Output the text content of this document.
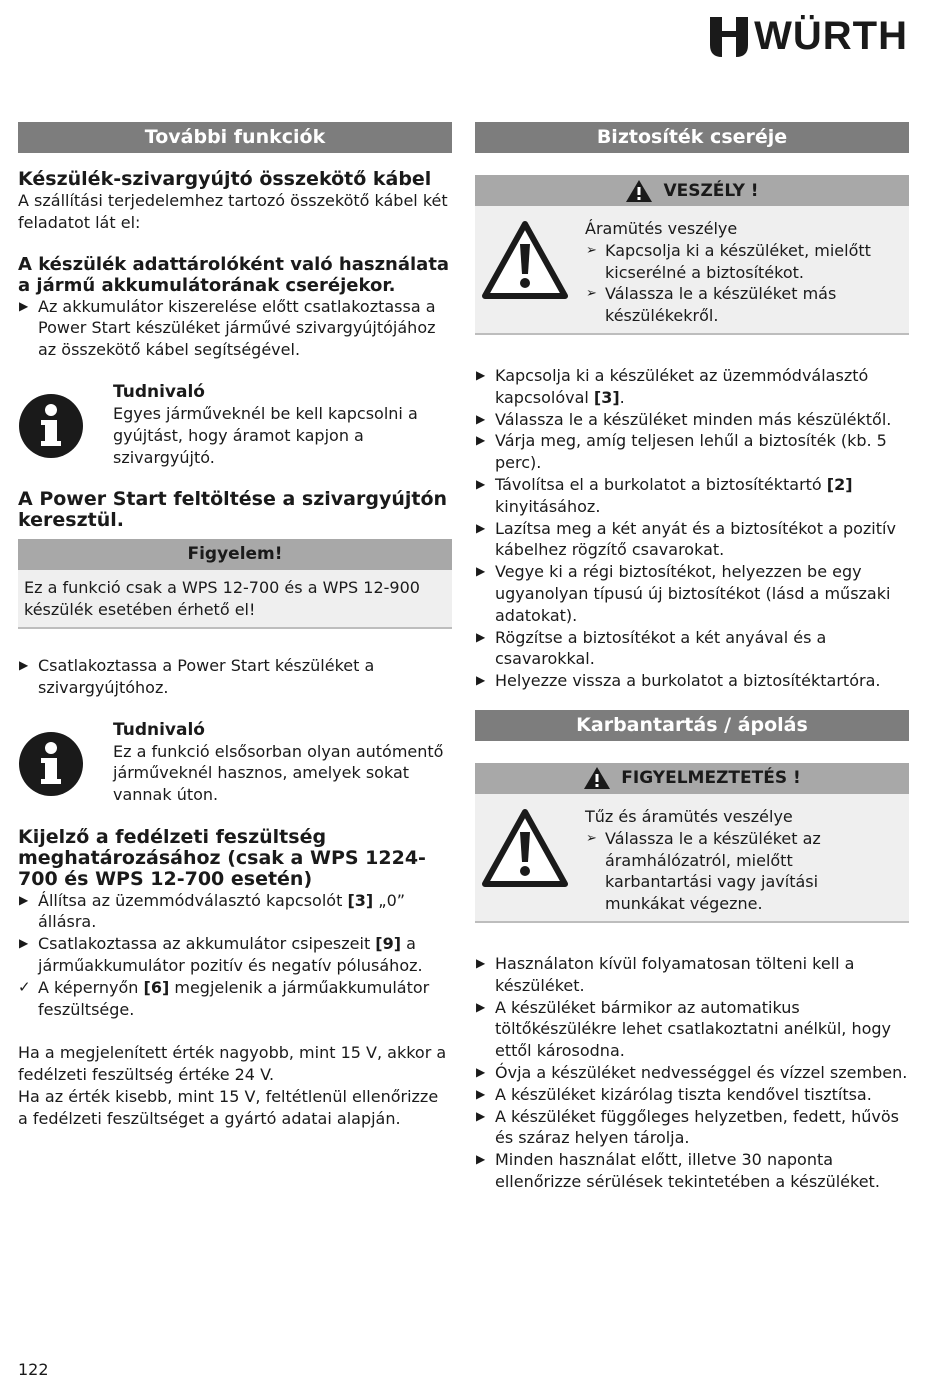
WÜRTH
További funkciók
Készülék-szivargyújtó összekötő kábel
A szállítási terjedelemhez tartozó összekötő kábel két feladatot lát el:
A készülék adattárolóként való használata a jármű akkumulátorának cseréjekor.
▶ Az akkumulátor kiszerelése előtt csatlakoztassa a Power Start készüléket járművé szivargyújtójához az összekötő kábel segítségével.
Tudnivaló
Egyes járműveknél be kell kapcsolni a gyújtást, hogy áramot kapjon a szivargyújtó.
A Power Start feltöltése a szivargyújtón keresztül.
Figyelem!
Ez a funkció csak a WPS 12-700 és a WPS 12-900 készülék esetében érhető el!
▶ Csatlakoztassa a Power Start készüléket a szivargyújtóhoz.
Tudnivaló
Ez a funkció elsősorban olyan autómentő járműveknél hasznos, amelyek sokat vannak úton.
Kijelző a fedélzeti feszültség meghatározásához (csak a WPS 1224-700 és WPS 12-700 esetén)
▶ Állítsa az üzemmódválasztó kapcsolót [3] „0” állásra.
▶ Csatlakoztassa az akkumulátor csipeszeit [9] a járműakkumulátor pozitív és negatív pólusához.
✓ A képernyőn [6] megjelenik a járműakkumulátor feszültsége.
Ha a megjelenített érték nagyobb, mint 15 V, akkor a fedélzeti feszültség értéke 24 V.
Ha az érték kisebb, mint 15 V, feltétlenül ellenőrizze a fedélzeti feszültséget a gyártó adatai alapján.
Biztosíték cseréje
VESZÉLY !
Áramütés veszélye
➢ Kapcsolja ki a készüléket, mielőtt kicserélné a biztosítékot.
➢ Válassza le a készüléket más készülékekről.
▶ Kapcsolja ki a készüléket az üzemmódválasztó kapcsolóval [3].
▶ Válassza le a készüléket minden más készüléktől.
▶ Várja meg, amíg teljesen lehűl a biztosíték (kb. 5 perc).
▶ Távolítsa el a burkolatot a biztosítéktartó [2] kinyitásához.
▶ Lazítsa meg a két anyát és a biztosítékot a pozitív kábelhez rögzítő csavarokat.
▶ Vegye ki a régi biztosítékot, helyezzen be egy ugyanolyan típusú új biztosítékot (lásd a műszaki adatokat).
▶ Rögzítse a biztosítékot a két anyával és a csavarokkal.
▶ Helyezze vissza a burkolatot a biztosítéktartóra.
Karbantartás / ápolás
FIGYELMEZTETÉS !
Tűz és áramütés veszélye
➢ Válassza le a készüléket az áramhálózatról, mielőtt karbantartási vagy javítási munkákat végezne.
▶ Használaton kívül folyamatosan tölteni kell a készüléket.
▶ A készüléket bármikor az automatikus töltőkészülékre lehet csatlakoztatni anélkül, hogy ettől károsodna.
▶ Óvja a készüléket nedvességgel és vízzel szemben.
▶ A készüléket kizárólag tiszta kendővel tisztítsa.
▶ A készüléket függőleges helyzetben, fedett, hűvös és száraz helyen tárolja.
▶ Minden használat előtt, illetve 30 naponta ellenőrizze sérülések tekintetében a készüléket.
122
